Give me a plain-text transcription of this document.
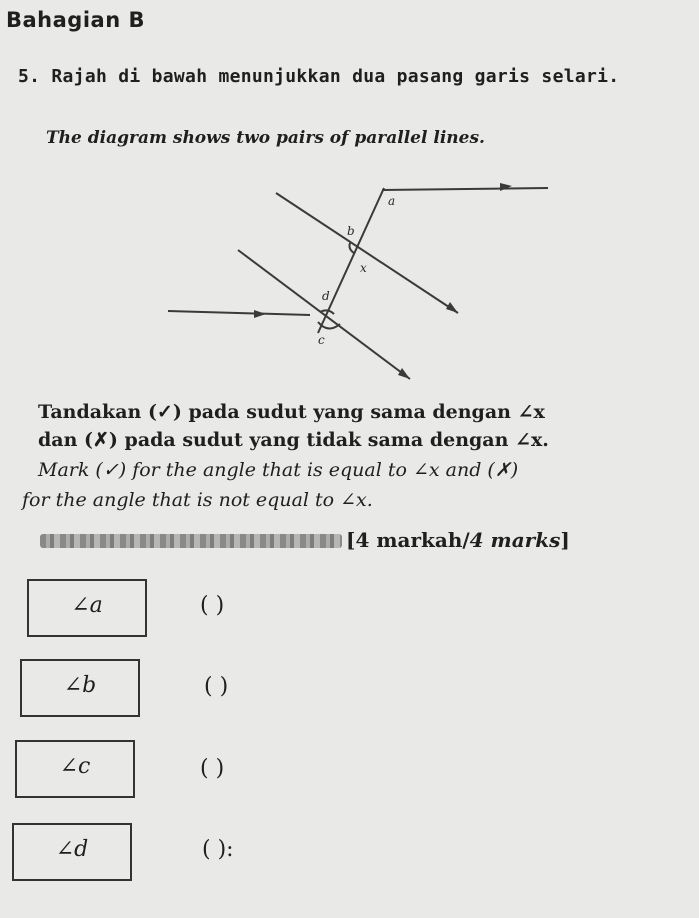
Bahagian B
5. Rajah di bawah menunjukkan dua pasang garis selari.
The diagram shows two pairs of parallel lines.
a
b
x
d
c
Tandakan (✓) pada sudut yang sama dengan ∠x
dan (✗) pada sudut yang tidak sama dengan ∠x.
Mark (✓) for the angle that is equal to ∠x and (✗)
for the angle that is not equal to ∠x.
[4 markah/4 marks]
∠a	( )
∠b	( )
∠c	( )
∠d	( ):
